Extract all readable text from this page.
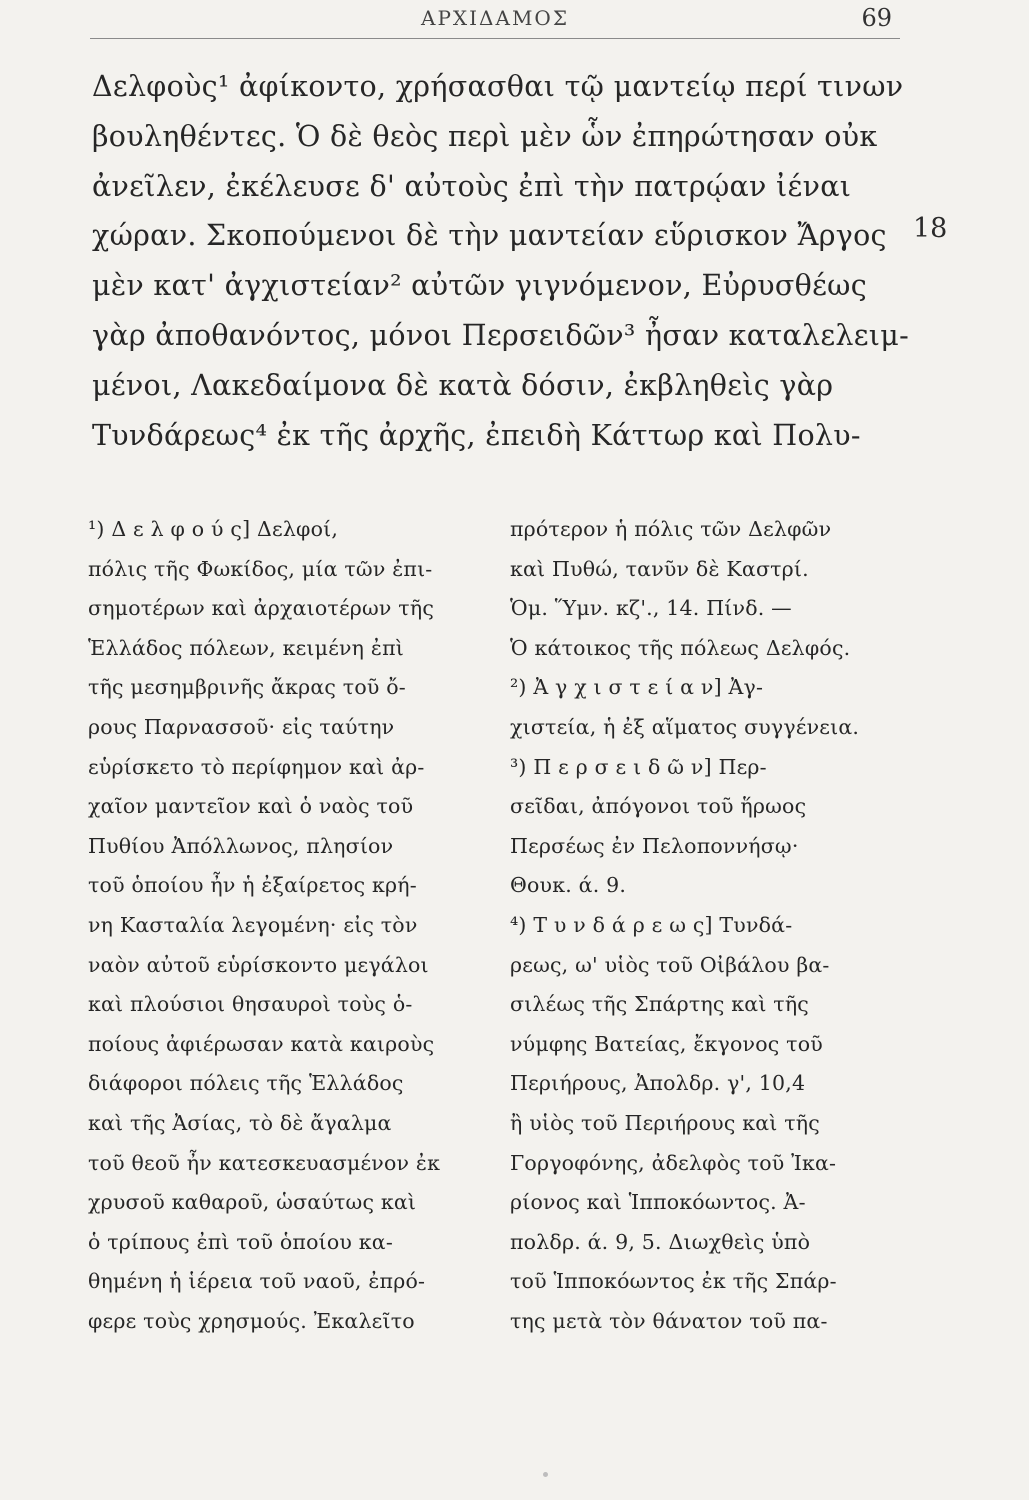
ΑΡΧΙΔΑΜΟΣ	69
Δελφοὺς¹ ἀφίκοντο, χρήσασθαι τῷ μαντείῳ περί τινων
βουληθέντες. Ὁ δὲ θεὸς περὶ μὲν ὧν ἐπηρώτησαν οὐκ
ἀνεῖλεν, ἐκέλευσε δ' αὐτοὺς ἐπὶ τὴν πατρῴαν ἰέναι
χώραν. Σκοπούμενοι δὲ τὴν μαντείαν εὕρισκον Ἄργος
μὲν κατ' ἀγχιστείαν² αὐτῶν γιγνόμενον, Εὐρυσθέως
γὰρ ἀποθανόντος, μόνοι Περσειδῶν³ ἦσαν καταλελειμ-
μένοι, Λακεδαίμονα δὲ κατὰ δόσιν, ἐκβληθεὶς γὰρ
Τυνδάρεως⁴ ἐκ τῆς ἀρχῆς, ἐπειδὴ Κάττωρ καὶ Πολυ-
18
¹) Δ ε λ φ ο ύ ς] Δελφοί,
πόλις τῆς Φωκίδος, μία τῶν ἐπι-
σημοτέρων καὶ ἀρχαιοτέρων τῆς
Ἑλλάδος πόλεων, κειμένη ἐπὶ
τῆς μεσημβρινῆς ἄκρας τοῦ ὄ-
ρους Παρνασσοῦ· εἰς ταύτην
εὑρίσκετο τὸ περίφημον καὶ ἀρ-
χαῖον μαντεῖον καὶ ὁ ναὸς τοῦ
Πυθίου Ἀπόλλωνος, πλησίον
τοῦ ὁποίου ἦν ἡ ἐξαίρετος κρή-
νη Κασταλία λεγομένη· εἰς τὸν
ναὸν αὐτοῦ εὑρίσκοντο μεγάλοι
καὶ πλούσιοι θησαυροὶ τοὺς ὁ-
ποίους ἀφιέρωσαν κατὰ καιροὺς
διάφοροι πόλεις τῆς Ἑλλάδος
καὶ τῆς Ἀσίας, τὸ δὲ ἄγαλμα
τοῦ θεοῦ ἦν κατεσκευασμένον ἐκ
χρυσοῦ καθαροῦ, ὡσαύτως καὶ
ὁ τρίπους ἐπὶ τοῦ ὁποίου κα-
θημένη ἡ ἱέρεια τοῦ ναοῦ, ἐπρό-
φερε τοὺς χρησμούς. Ἐκαλεῖτο
πρότερον ἡ πόλις τῶν Δελφῶν
καὶ Πυθώ, τανῦν δὲ Καστρί.
Ὁμ. Ὕμν. κζ'., 14. Πίνδ. —
Ὁ κάτοικος τῆς πόλεως Δελφός.
²) Ἀ γ χ ι σ τ ε ί α ν] Ἀγ-
χιστεία, ἡ ἐξ αἵματος συγγένεια.
³) Π ε ρ σ ε ι δ ῶ ν] Περ-
σεῖδαι, ἀπόγονοι τοῦ ἥρωος
Περσέως ἐν Πελοποννήσῳ·
Θουκ. ά. 9.
⁴) Τ υ ν δ ά ρ ε ω ς] Τυνδά-
ρεως, ω' υἱὸς τοῦ Οἰβάλου βα-
σιλέως τῆς Σπάρτης καὶ τῆς
νύμφης Βατείας, ἔκγονος τοῦ
Περιήρους, Ἀπολδρ. γ', 10,4
ἢ υἱὸς τοῦ Περιήρους καὶ τῆς
Γοργοφόνης, ἀδελφὸς τοῦ Ἰκα-
ρίονος καὶ Ἱπποκόωντος. Ἀ-
πολδρ. ά. 9, 5. Διωχθεὶς ὑπὸ
τοῦ Ἱπποκόωντος ἐκ τῆς Σπάρ-
της μετὰ τὸν θάνατον τοῦ πα-
